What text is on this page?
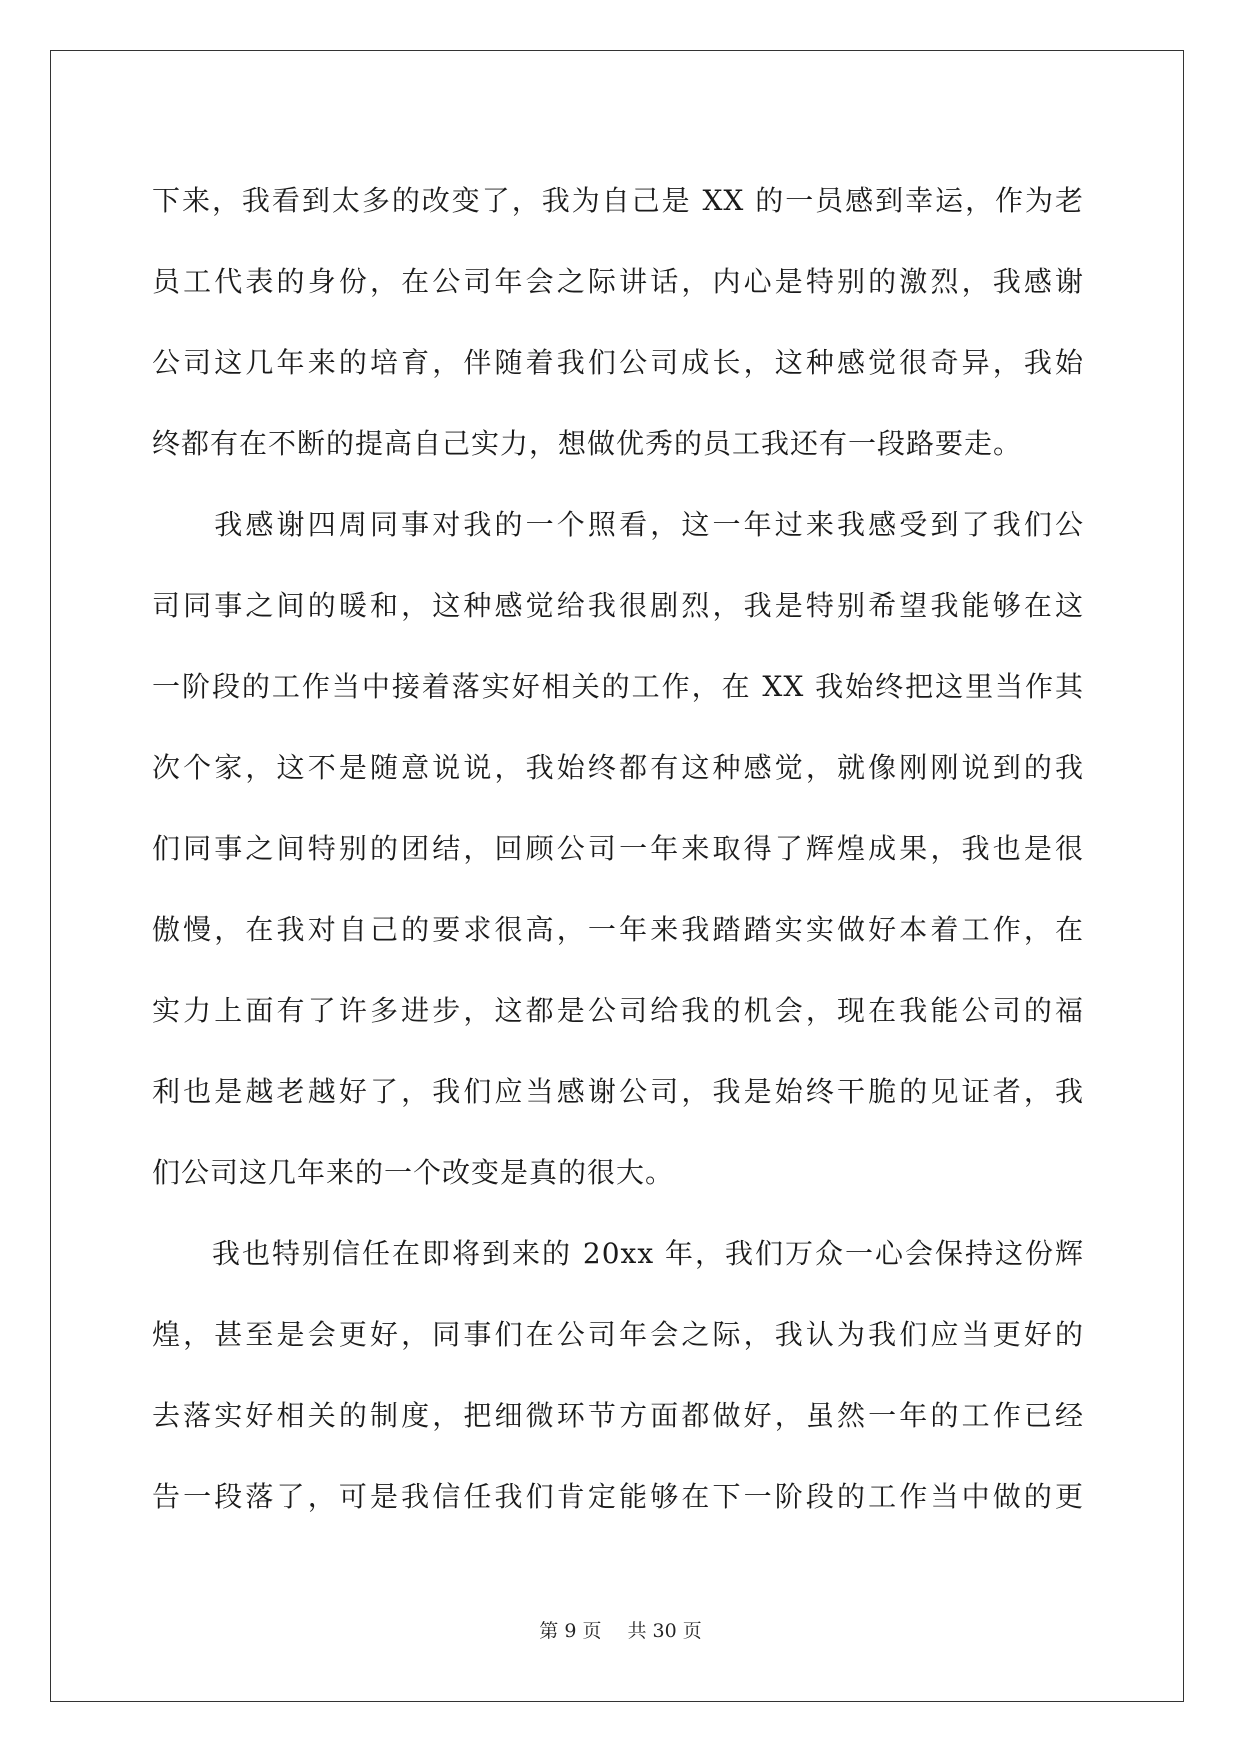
下来，我看到太多的改变了，我为自己是 XX 的一员感到幸运，作为老
员工代表的身份，在公司年会之际讲话，内心是特别的激烈，我感谢
公司这几年来的培育，伴随着我们公司成长，这种感觉很奇异，我始
终都有在不断的提高自己实力，想做优秀的员工我还有一段路要走。

　　我感谢四周同事对我的一个照看，这一年过来我感受到了我们公
司同事之间的暖和，这种感觉给我很剧烈，我是特别希望我能够在这
一阶段的工作当中接着落实好相关的工作，在 XX 我始终把这里当作其
次个家，这不是随意说说，我始终都有这种感觉，就像刚刚说到的我
们同事之间特别的团结，回顾公司一年来取得了辉煌成果，我也是很
傲慢，在我对自己的要求很高，一年来我踏踏实实做好本着工作，在
实力上面有了许多进步，这都是公司给我的机会，现在我能公司的福
利也是越老越好了，我们应当感谢公司，我是始终干脆的见证者，我
们公司这几年来的一个改变是真的很大。

　　我也特别信任在即将到来的 20xx 年，我们万众一心会保持这份辉
煌，甚至是会更好，同事们在公司年会之际，我认为我们应当更好的
去落实好相关的制度，把细微环节方面都做好，虽然一年的工作已经
告一段落了，可是我信任我们肯定能够在下一阶段的工作当中做的更

第 9 页 共 30 页
